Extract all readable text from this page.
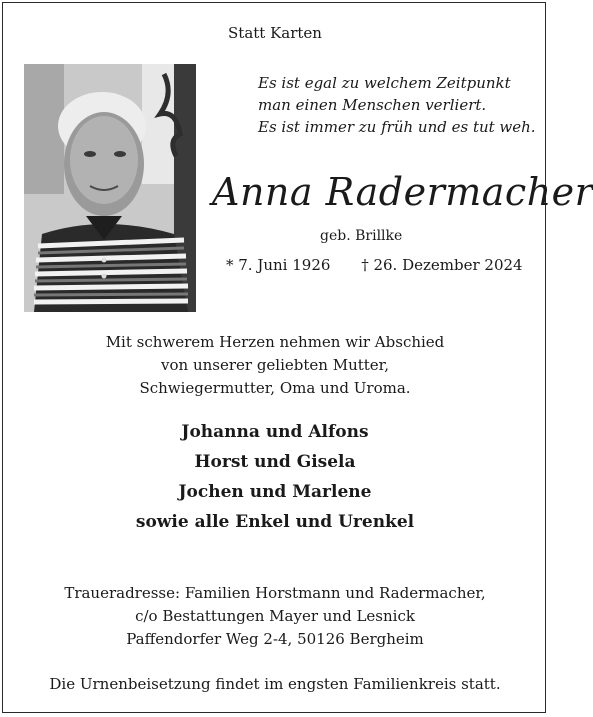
Statt Karten
Es ist egal zu welchem Zeitpunkt
man einen Menschen verliert.
Es ist immer zu früh und es tut weh.
Anna Radermacher
geb. Brillke
* 7. Juni 1926 † 26. Dezember 2024
Mit schwerem Herzen nehmen wir Abschied
von unserer geliebten Mutter,
Schwiegermutter, Oma und Uroma.
Johanna und Alfons
Horst und Gisela
Jochen und Marlene
sowie alle Enkel und Urenkel
Traueradresse: Familien Horstmann und Radermacher,
c/o Bestattungen Mayer und Lesnick
Paffendorfer Weg 2-4, 50126 Bergheim
Die Urnenbeisetzung findet im engsten Familienkreis statt.
